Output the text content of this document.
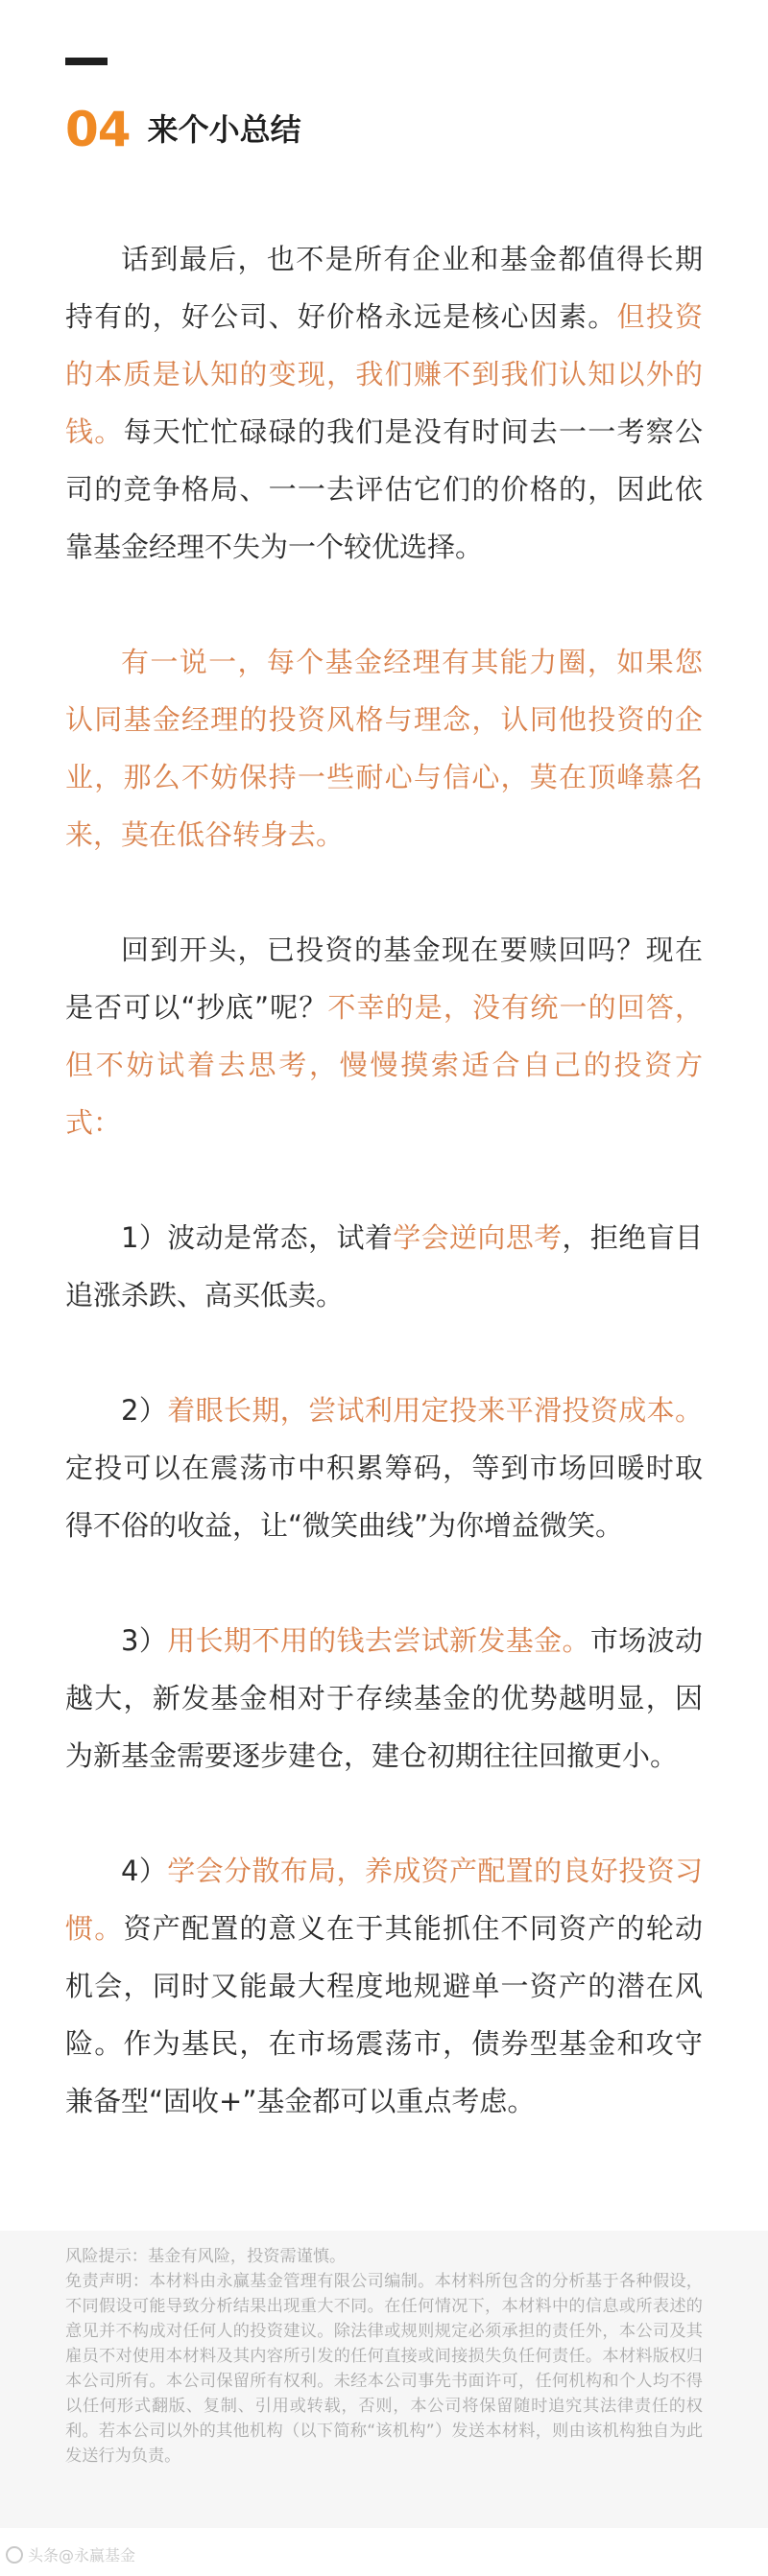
04 来个小总结

话到最后，也不是所有企业和基金都值得长期持有的，好公司、好价格永远是核心因素。但投资的本质是认知的变现，我们赚不到我们认知以外的钱。每天忙忙碌碌的我们是没有时间去一一考察公司的竞争格局、一一去评估它们的价格的，因此依靠基金经理不失为一个较优选择。

有一说一，每个基金经理有其能力圈，如果您认同基金经理的投资风格与理念，认同他投资的企业，那么不妨保持一些耐心与信心，莫在顶峰慕名来，莫在低谷转身去。

回到开头，已投资的基金现在要赎回吗？现在是否可以“抄底”呢？不幸的是，没有统一的回答，但不妨试着去思考，慢慢摸索适合自己的投资方式：

1）波动是常态，试着学会逆向思考，拒绝盲目追涨杀跌、高买低卖。

2）着眼长期，尝试利用定投来平滑投资成本。定投可以在震荡市中积累筹码，等到市场回暖时取得不俗的收益，让“微笑曲线”为你增益微笑。

3）用长期不用的钱去尝试新发基金。市场波动越大，新发基金相对于存续基金的优势越明显，因为新基金需要逐步建仓，建仓初期往往回撤更小。

4）学会分散布局，养成资产配置的良好投资习惯。资产配置的意义在于其能抓住不同资产的轮动机会，同时又能最大程度地规避单一资产的潜在风险。作为基民，在市场震荡市，债券型基金和攻守兼备型“固收+”基金都可以重点考虑。

风险提示：基金有风险，投资需谨慎。

免责声明：本材料由永赢基金管理有限公司编制。本材料所包含的分析基于各种假设，不同假设可能导致分析结果出现重大不同。在任何情况下，本材料中的信息或所表述的意见并不构成对任何人的投资建议。除法律或规则规定必须承担的责任外，本公司及其雇员不对使用本材料及其内容所引发的任何直接或间接损失负任何责任。本材料版权归本公司所有。本公司保留所有权利。未经本公司事先书面许可，任何机构和个人均不得以任何形式翻版、复制、引用或转载，否则，本公司将保留随时追究其法律责任的权利。若本公司以外的其他机构（以下简称“该机构”）发送本材料，则由该机构独自为此发送行为负责。

头条@永赢基金
